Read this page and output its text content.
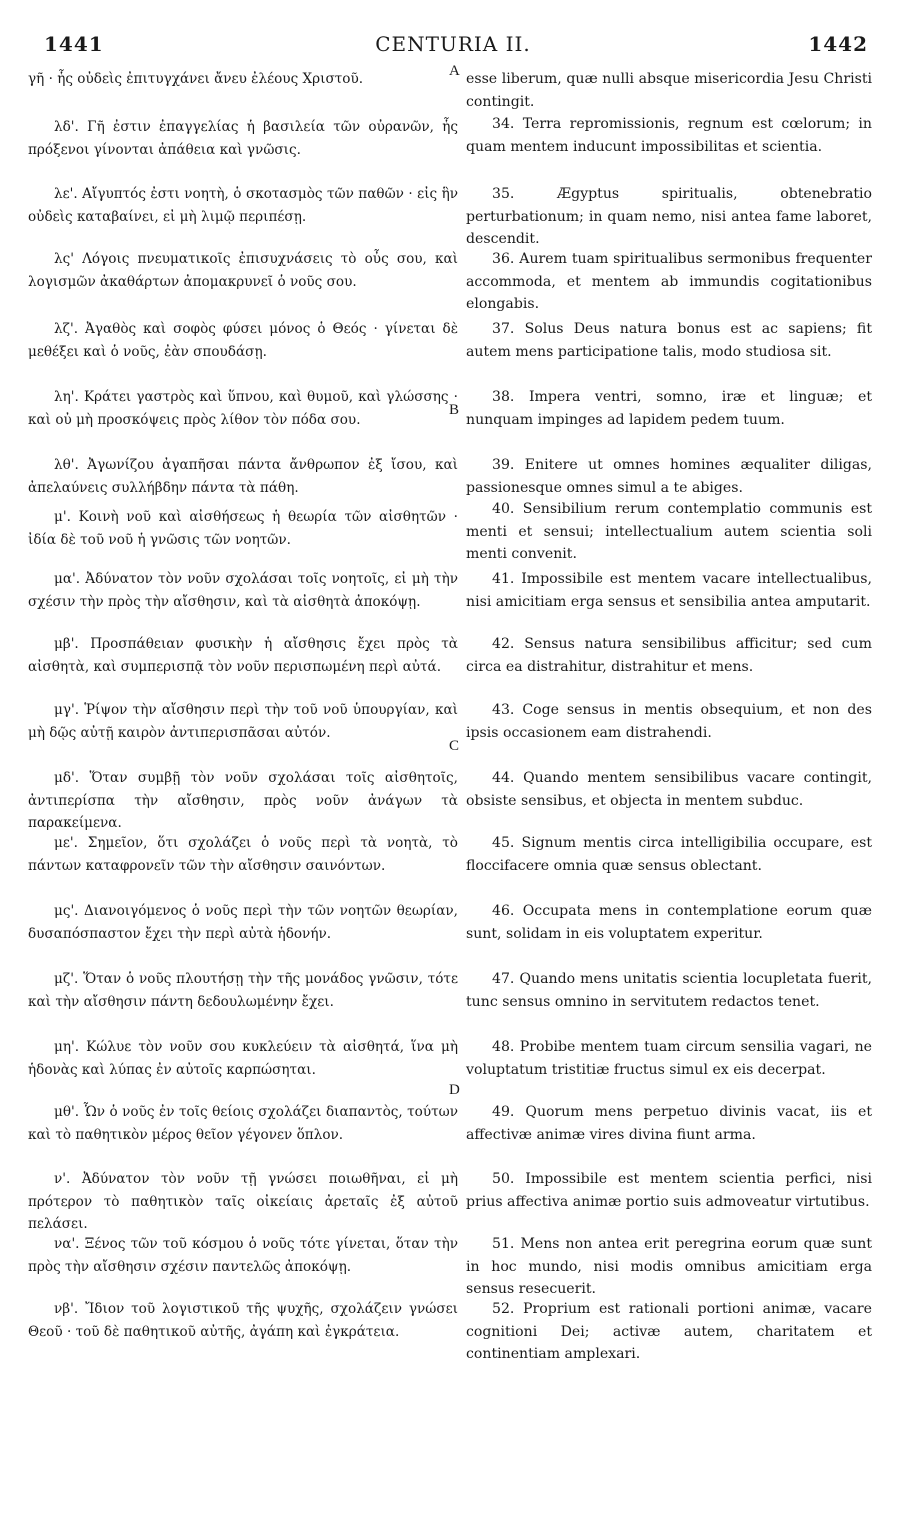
1441	CENTURIA II.	1442
γῆ · ἧς οὐδεὶς ἐπιτυγχάνει ἄνευ ἐλέους Χριστοῦ.
λδ'. Γῆ ἐστιν ἐπαγγελίας ἡ βασιλεία τῶν οὐρανῶν, ἧς πρόξενοι γίνονται ἀπάθεια καὶ γνῶσις.
λε'. Αἴγυπτός ἐστι νοητὴ, ὁ σκοτασμὸς τῶν παθῶν · εἰς ἣν οὐδεὶς καταβαίνει, εἰ μὴ λιμῷ περιπέσῃ.
λς' Λόγοις πνευματικοῖς ἐπισυχνάσεις τὸ οὖς σου, καὶ λογισμῶν ἀκαθάρτων ἀπομακρυνεῖ ὁ νοῦς σου.
λζ'. Ἀγαθὸς καὶ σοφὸς φύσει μόνος ὁ Θεός · γίνεται δὲ μεθέξει καὶ ὁ νοῦς, ἐὰν σπουδάσῃ.
λη'. Κράτει γαστρὸς καὶ ὕπνου, καὶ θυμοῦ, καὶ γλώσσης · καὶ οὐ μὴ προσκόψεις πρὸς λίθον τὸν πόδα σου.
λθ'. Ἀγωνίζου ἀγαπῆσαι πάντα ἄνθρωπον ἐξ ἴσου, καὶ ἀπελαύνεις συλλήβδην πάντα τὰ πάθη.
μ'. Κοινὴ νοῦ καὶ αἰσθήσεως ἡ θεωρία τῶν αἰσθητῶν · ἰδία δὲ τοῦ νοῦ ἡ γνῶσις τῶν νοητῶν.
μα'. Ἀδύνατον τὸν νοῦν σχολάσαι τοῖς νοητοῖς, εἰ μὴ τὴν σχέσιν τὴν πρὸς τὴν αἴσθησιν, καὶ τὰ αἰσθητὰ ἀποκόψῃ.
μβ'. Προσπάθειαν φυσικὴν ἡ αἴσθησις ἔχει πρὸς τὰ αἰσθητὰ, καὶ συμπερισπᾷ τὸν νοῦν περισπωμένη περὶ αὐτά.
μγ'. Ῥίψον τὴν αἴσθησιν περὶ τὴν τοῦ νοῦ ὑπουργίαν, καὶ μὴ δῷς αὐτῇ καιρὸν ἀντιπερισπᾶσαι αὐτόν.
μδ'. Ὅταν συμβῇ τὸν νοῦν σχολάσαι τοῖς αἰσθητοῖς, ἀντιπερίσπα τὴν αἴσθησιν, πρὸς νοῦν ἀνάγων τὰ παρακείμενα.
με'. Σημεῖον, ὅτι σχολάζει ὁ νοῦς περὶ τὰ νοητὰ, τὸ πάντων καταφρονεῖν τῶν τὴν αἴσθησιν σαινόντων.
μς'. Διανοιγόμενος ὁ νοῦς περὶ τὴν τῶν νοητῶν θεωρίαν, δυσαπόσπαστον ἔχει τὴν περὶ αὐτὰ ἡδονήν.
μζ'. Ὅταν ὁ νοῦς πλουτήσῃ τὴν τῆς μονάδος γνῶσιν, τότε καὶ τὴν αἴσθησιν πάντη δεδουλωμένην ἔχει.
μη'. Κώλυε τὸν νοῦν σου κυκλεύειν τὰ αἰσθητά, ἵνα μὴ ἡδονὰς καὶ λύπας ἐν αὐτοῖς καρπώσηται.
μθ'. Ὧν ὁ νοῦς ἐν τοῖς θείοις σχολάζει διαπαντὸς, τούτων καὶ τὸ παθητικὸν μέρος θεῖον γέγονεν ὅπλον.
ν'. Ἀδύνατον τὸν νοῦν τῇ γνώσει ποιωθῆναι, εἰ μὴ πρότερον τὸ παθητικὸν ταῖς οἰκείαις ἀρεταῖς ἐξ αὐτοῦ πελάσει.
να'. Ξένος τῶν τοῦ κόσμου ὁ νοῦς τότε γίνεται, ὅταν τὴν πρὸς τὴν αἴσθησιν σχέσιν παντελῶς ἀποκόψῃ.
νβ'. Ἴδιον τοῦ λογιστικοῦ τῆς ψυχῆς, σχολάζειν γνώσει Θεοῦ · τοῦ δὲ παθητικοῦ αὐτῆς, ἀγάπη καὶ ἐγκράτεια.
esse liberum, quæ nulli absque misericordia Jesu Christi contingit.
34. Terra repromissionis, regnum est cœlorum; in quam mentem inducunt impossibilitas et scientia.
35.	Ægyptus spiritualis, obtenebratio perturbationum; in quam nemo, nisi antea fame laboret, descendit.
36. Aurem tuam spiritualibus sermonibus frequenter accommoda, et mentem ab immundis cogitationibus elongabis.
37. Solus Deus natura bonus est ac sapiens; fit autem mens participatione talis, modo studiosa sit.
38. Impera ventri, somno, iræ et linguæ; et nunquam impinges ad lapidem pedem tuum.
39. Enitere ut omnes homines æqualiter diligas, passionesque omnes simul a te abiges.
40. Sensibilium rerum contemplatio communis est menti et sensui; intellectualium autem scientia soli menti convenit.
41. Impossibile est mentem vacare intellectualibus, nisi amicitiam erga sensus et sensibilia antea amputarit.
42. Sensus natura sensibilibus afficitur; sed cum circa ea distrahitur, distrahitur et mens.
43. Coge sensus in mentis obsequium, et non des ipsis occasionem eam distrahendi.
44. Quando mentem sensibilibus vacare contingit, obsiste sensibus, et objecta in mentem subduc.
45. Signum mentis circa intelligibilia occupare, est floccifacere omnia quæ sensus oblectant.
46. Occupata mens in contemplatione eorum quæ sunt, solidam in eis voluptatem experitur.
47. Quando mens unitatis scientia locupletata fuerit, tunc sensus omnino in servitutem redactos tenet.
48. Probibe mentem tuam circum sensilia vagari, ne voluptatum tristitiæ fructus simul ex eis decerpat.
49. Quorum mens perpetuo divinis vacat, iis et affectivæ animæ vires divina fiunt arma.
50. Impossibile est mentem scientia perfici, nisi prius affectiva animæ portio suis admoveatur virtutibus.
51. Mens non antea erit peregrina eorum quæ sunt in hoc mundo, nisi modis omnibus amicitiam erga sensus resecuerit.
52. Proprium est rationali portioni animæ, vacare cognitioni Dei; activæ autem, charitatem et continentiam amplexari.
A
B
C
D
